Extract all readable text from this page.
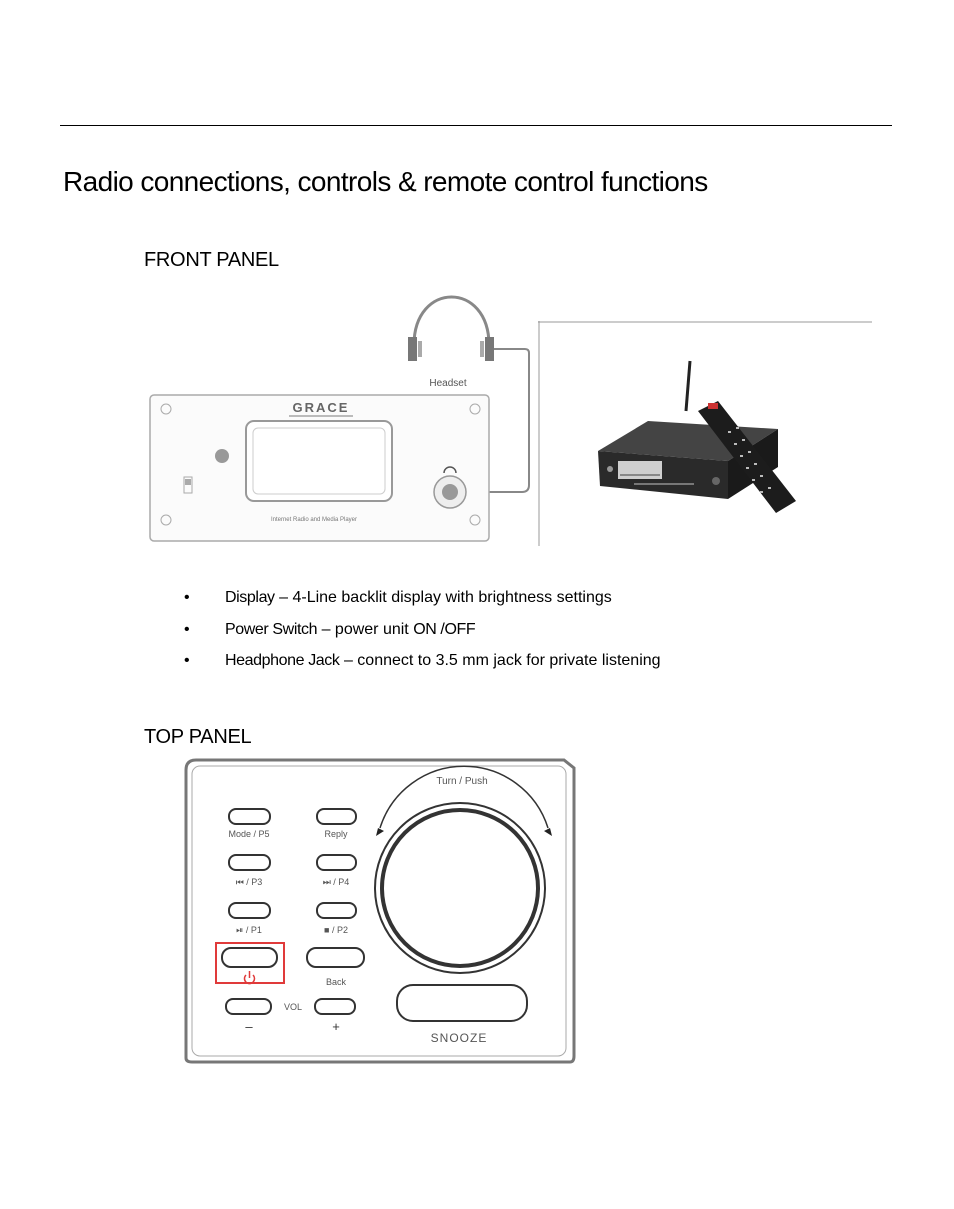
Radio connections, controls & remote control functions
FRONT PANEL
Headset
GRACE
Internet Radio and Media Player
• Display – 4-Line backlit display with brightness settings
• Power Switch – power unit ON /OFF
• Headphone Jack – connect to 3.5 mm jack for private listening
TOP PANEL
Mode / P5	Reply
⏮ / P3	⏭ / P4
⏯ / P1	■ / P2
Back
VOL
–	+
Turn / Push
SNOOZE
